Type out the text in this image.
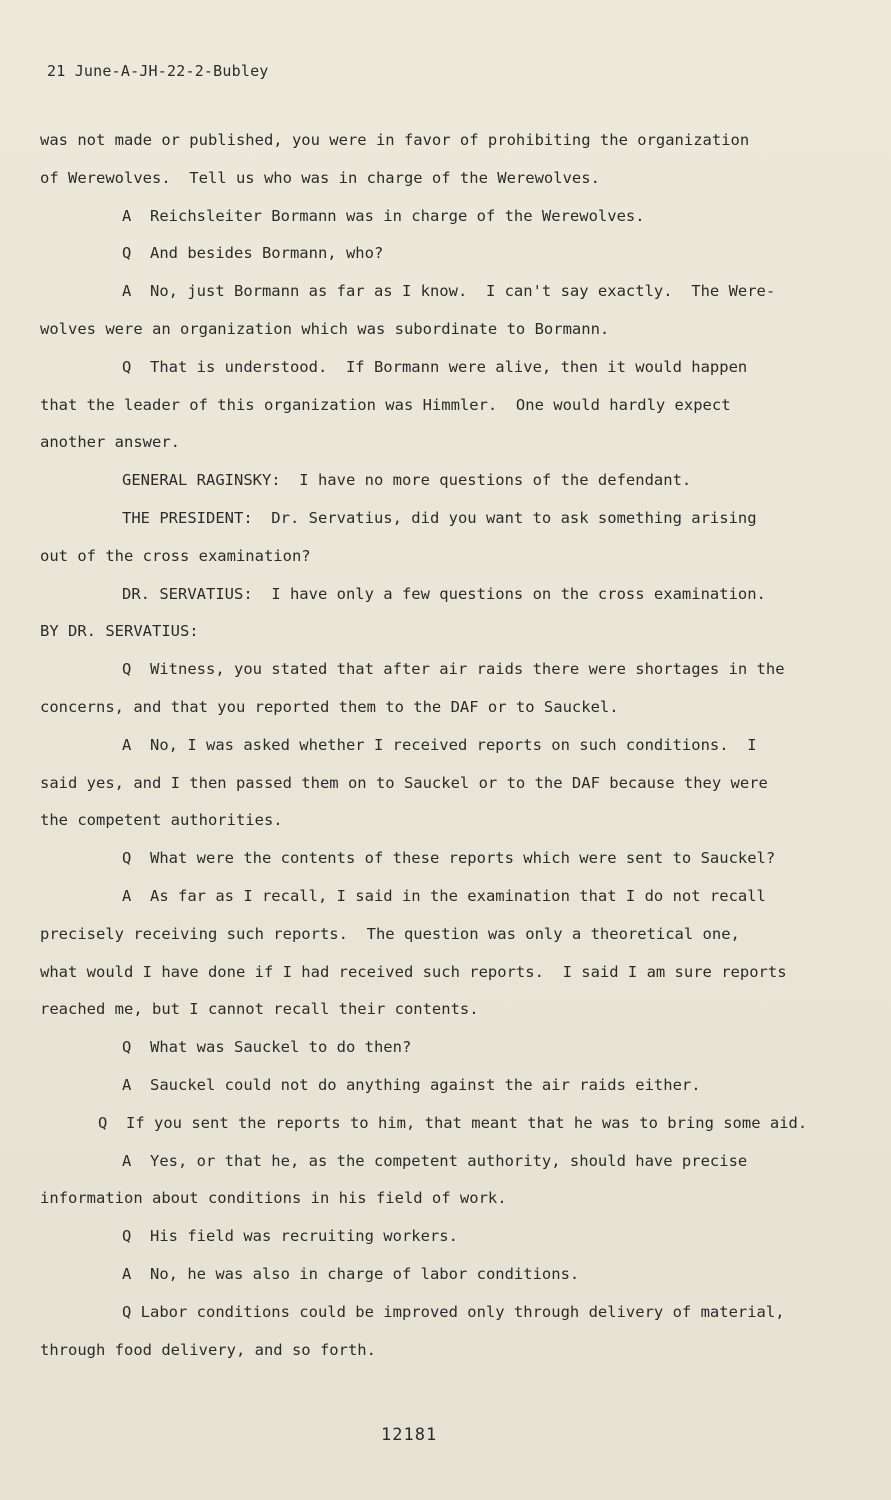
21 June-A-JH-22-2-Bubley
was not made or published, you were in favor of prohibiting the organization
of Werewolves.  Tell us who was in charge of the Werewolves.
A  Reichsleiter Bormann was in charge of the Werewolves.
Q  And besides Bormann, who?
A  No, just Bormann as far as I know.  I can't say exactly.  The Were-
wolves were an organization which was subordinate to Bormann.
Q  That is understood.  If Bormann were alive, then it would happen
that the leader of this organization was Himmler.  One would hardly expect
another answer.
GENERAL RAGINSKY:  I have no more questions of the defendant.
THE PRESIDENT:  Dr. Servatius, did you want to ask something arising
out of the cross examination?
DR. SERVATIUS:  I have only a few questions on the cross examination.
BY DR. SERVATIUS:
Q  Witness, you stated that after air raids there were shortages in the
concerns, and that you reported them to the DAF or to Sauckel.
A  No, I was asked whether I received reports on such conditions.  I
said yes, and I then passed them on to Sauckel or to the DAF because they were
the competent authorities.
Q  What were the contents of these reports which were sent to Sauckel?
A  As far as I recall, I said in the examination that I do not recall
precisely receiving such reports.  The question was only a theoretical one,
what would I have done if I had received such reports.  I said I am sure reports
reached me, but I cannot recall their contents.
Q  What was Sauckel to do then?
A  Sauckel could not do anything against the air raids either.
Q  If you sent the reports to him, that meant that he was to bring some aid.
A  Yes, or that he, as the competent authority, should have precise
information about conditions in his field of work.
Q  His field was recruiting workers.
A  No, he was also in charge of labor conditions.
Q Labor conditions could be improved only through delivery of material,
through food delivery, and so forth.
12181
